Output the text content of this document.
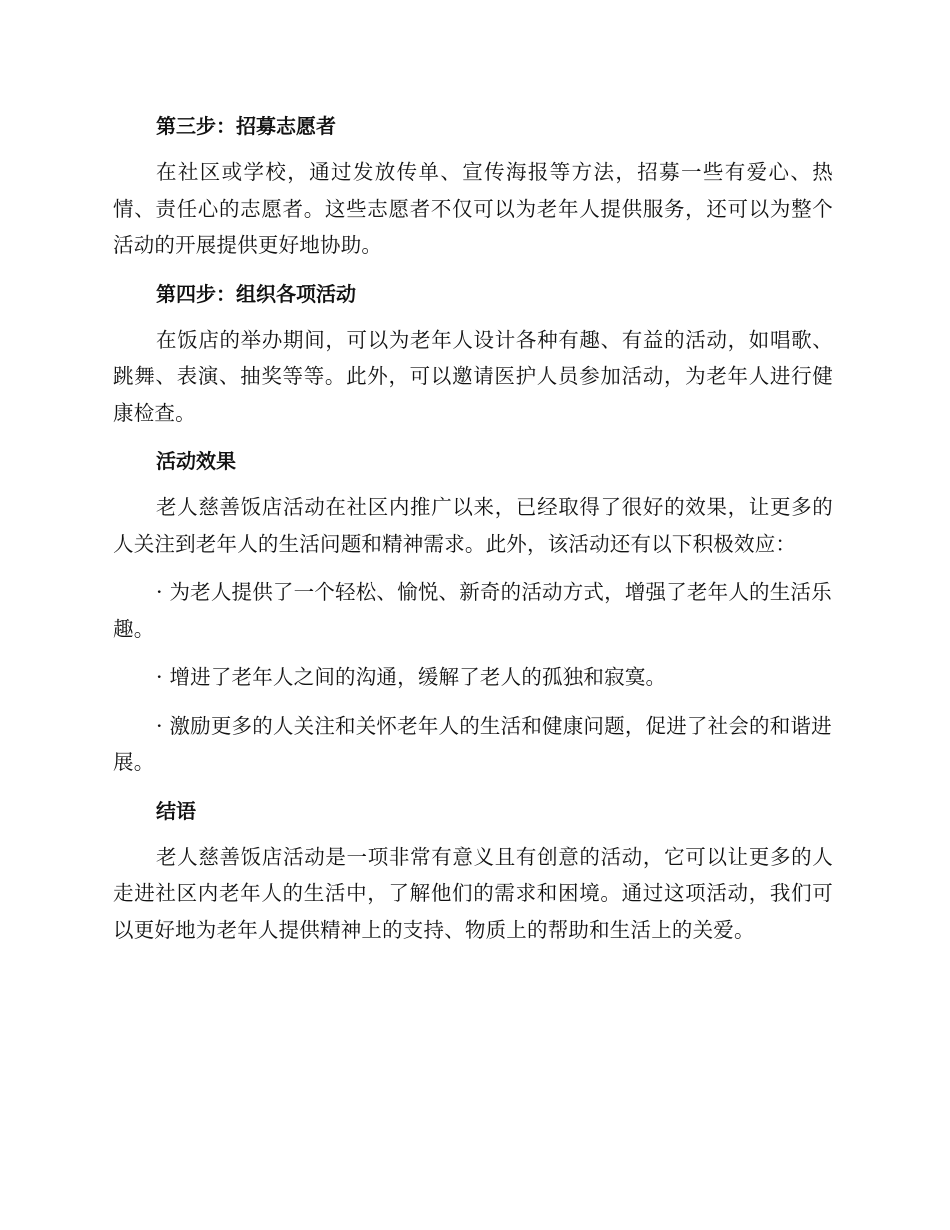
第三步：招募志愿者

在社区或学校，通过发放传单、宣传海报等方法，招募一些有爱心、热情、责任心的志愿者。这些志愿者不仅可以为老年人提供服务，还可以为整个活动的开展提供更好地协助。

第四步：组织各项活动

在饭店的举办期间，可以为老年人设计各种有趣、有益的活动，如唱歌、跳舞、表演、抽奖等等。此外，可以邀请医护人员参加活动，为老年人进行健康检查。

活动效果

老人慈善饭店活动在社区内推广以来，已经取得了很好的效果，让更多的人关注到老年人的生活问题和精神需求。此外，该活动还有以下积极效应：

· 为老人提供了一个轻松、愉悦、新奇的活动方式，增强了老年人的生活乐趣。

· 增进了老年人之间的沟通，缓解了老人的孤独和寂寞。

· 激励更多的人关注和关怀老年人的生活和健康问题，促进了社会的和谐进展。

结语

老人慈善饭店活动是一项非常有意义且有创意的活动，它可以让更多的人走进社区内老年人的生活中，了解他们的需求和困境。通过这项活动，我们可以更好地为老年人提供精神上的支持、物质上的帮助和生活上的关爱。
